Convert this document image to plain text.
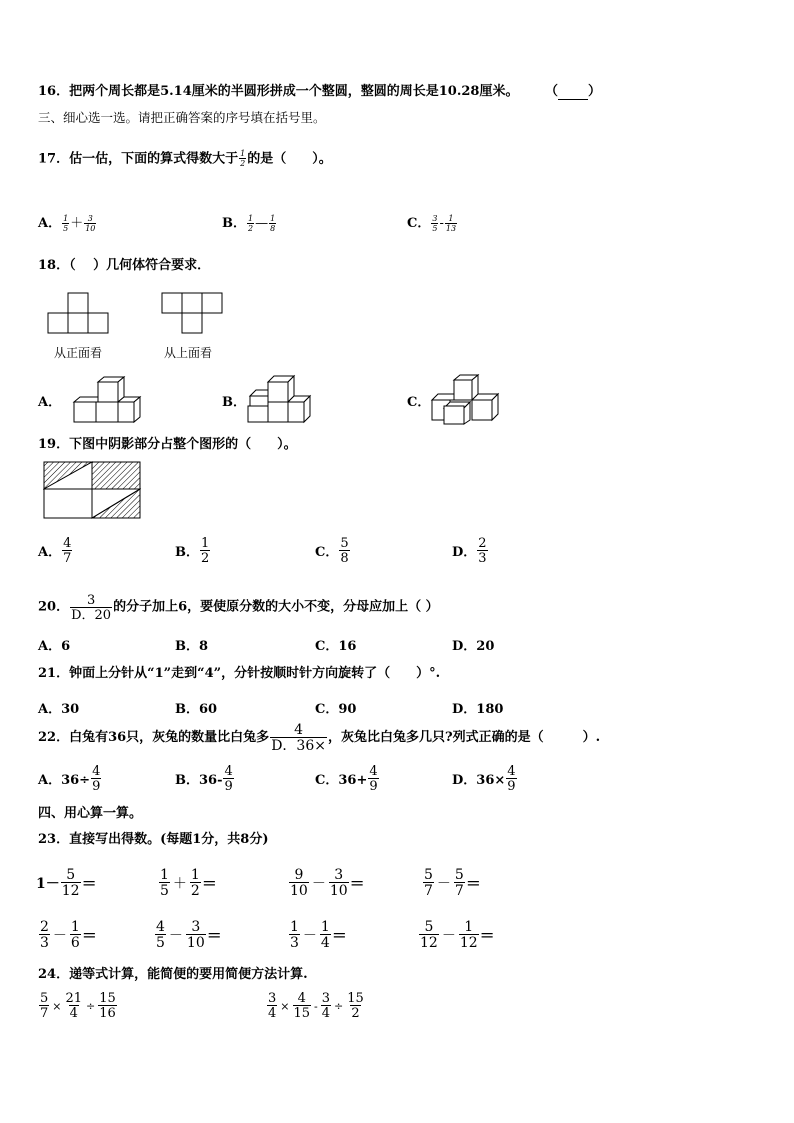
16．把两个周长都是5.14厘米的半圆形拼成一个整圆，整圆的周长是10.28厘米。 （ ）
三、细心选一选。请把正确答案的序号填在括号里。
17．估一估，下面的算式得数大于 $\frac{1}{2}$ 的是（　　）。
A． $\frac{1}{5} + \frac{3}{10}$	B． $\frac{1}{2}$ — $\frac{1}{8}$	C． $\frac{3}{5} - \frac{1}{13}$
18．（　 ）几何体符合要求．
从正面看	从上面看
A．	B．	C．
19．下图中阴影部分占整个图形的（　　）。
A． $\frac{4}{7}$	B． $\frac{1}{2}$	C． $\frac{5}{8}$	D． $\frac{2}{3}$
20． $\frac{3}{D.20}$ 的分子加上6，要使原分数的大小不变，分母应加上（ ）
A．6	B．8	C．16	D．20
21．钟面上分针从“1”走到“4”，分针按顺时针方向旋转了（　　）°.
A．30	B．60	C．90	D．180
22．白兔有36只，灰兔的数量比白兔多 $\frac{4}{D.36\times}$ ，灰兔比白兔多几只?列式正确的是（　　　）.
A．$36\div \frac{4}{9}$	B．$36- \frac{4}{9}$	C．$36+ \frac{4}{9}$	D．$36\times \frac{4}{9}$
四、用心算一算。
23．直接写出得数。(每题1分，共8分)
$1- \frac{5}{12}$ ＝	$\frac{1}{5} + \frac{1}{2}$ ＝	$\frac{9}{10} - \frac{3}{10}$ ＝	$\frac{5}{7} - \frac{5}{7}$ ＝
$\frac{2}{3} - \frac{1}{6}$ ＝	$\frac{4}{5} - \frac{3}{10}$ ＝	$\frac{1}{3} - \frac{1}{4}$ ＝	$\frac{5}{12} - \frac{1}{12}$ ＝
24．递等式计算，能简便的要用简便方法计算.
$\frac{5}{7} \times \frac{21}{4} \div \frac{15}{16}$	$\frac{3}{4} \times \frac{4}{15} - \frac{3}{4} \div \frac{15}{2}$
